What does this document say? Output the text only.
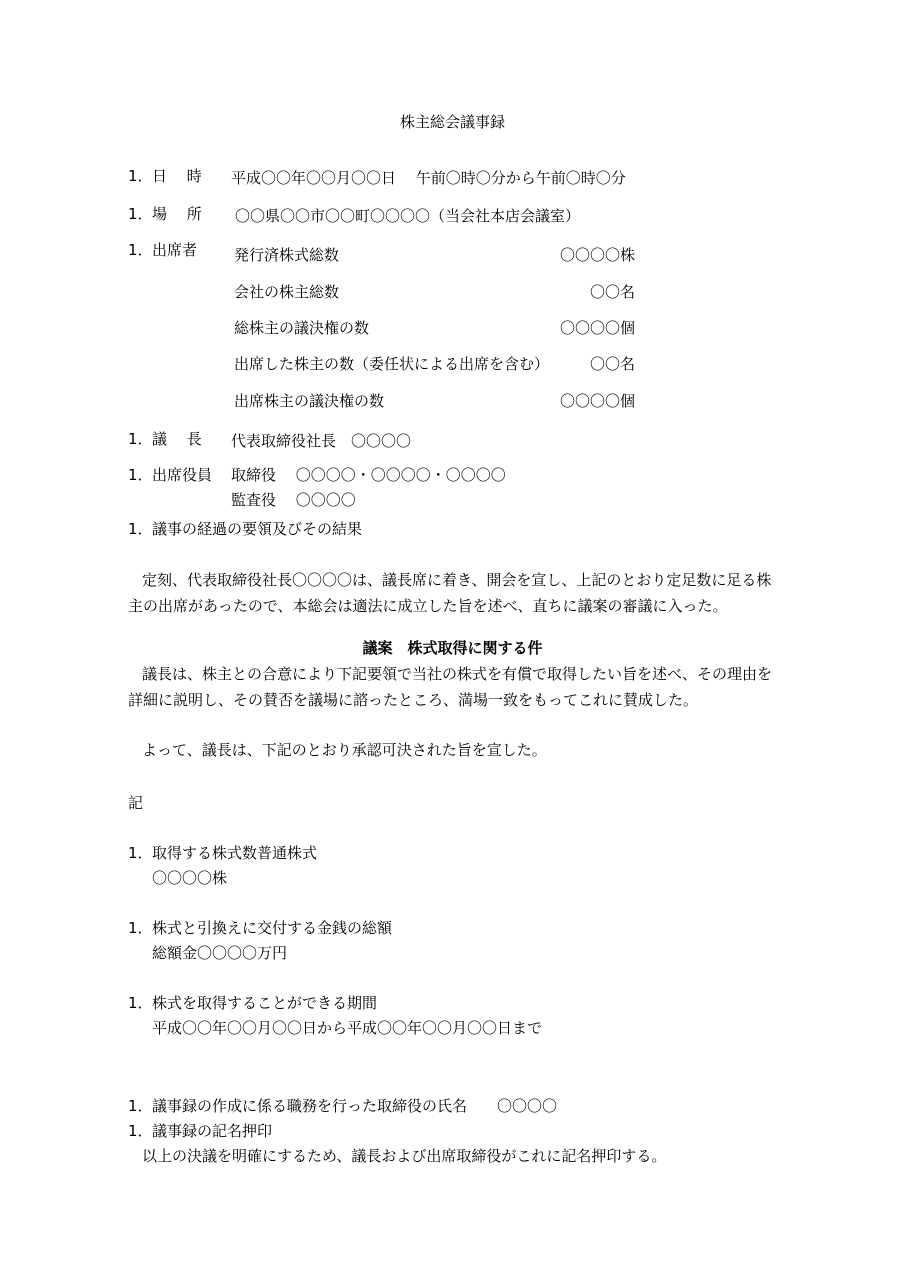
株主総会議事録
1． 日　 時 平成〇〇年〇〇月〇〇日　 午前〇時〇分から午前〇時〇分
1． 場　 所 〇〇県〇〇市〇〇町〇〇〇〇（当会社本店会議室）
1． 出席者 発行済株式総数	〇〇〇〇株
会社の株主総数	〇〇名
総株主の議決権の数	〇〇〇〇個
出席した株主の数（委任状による出席を含む）	〇〇名
出席株主の議決権の数	〇〇〇〇個
1． 議　 長 代表取締役社長　〇〇〇〇
1． 出席役員 取締役　 〇〇〇〇・〇〇〇〇・〇〇〇〇
監査役　 〇〇〇〇
1． 議事の経過の要領及びその結果
定刻、代表取締役社長〇〇〇〇は、議長席に着き、開会を宣し、上記のとおり定足数に足る株
主の出席があったので、本総会は適法に成立した旨を述べ、直ちに議案の審議に入った。
議案　株式取得に関する件
議長は、株主との合意により下記要領で当社の株式を有償で取得したい旨を述べ、その理由を
詳細に説明し、その賛否を議場に諮ったところ、満場一致をもってこれに賛成した。
よって、議長は、下記のとおり承認可決された旨を宣した。
記
1． 取得する株式数普通株式
〇〇〇〇株
1． 株式と引換えに交付する金銭の総額
総額金〇〇〇〇万円
1． 株式を取得することができる期間
平成〇〇年〇〇月〇〇日から平成〇〇年〇〇月〇〇日まで
1． 議事録の作成に係る職務を行った取締役の氏名 〇〇〇〇
1． 議事録の記名押印
以上の決議を明確にするため、議長および出席取締役がこれに記名押印する。
